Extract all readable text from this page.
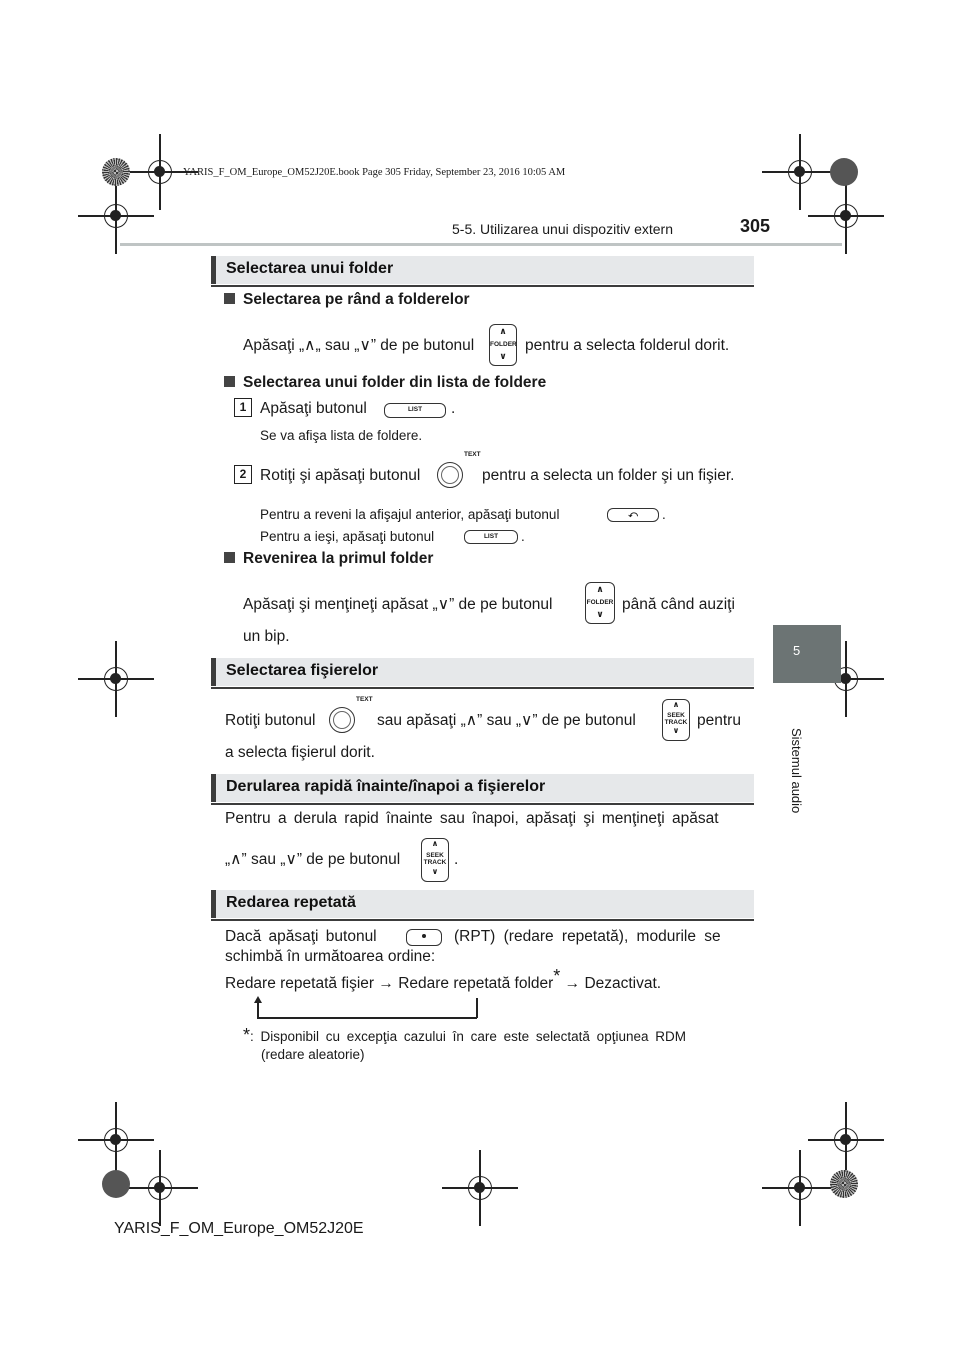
YARIS_F_OM_Europe_OM52J20E.book Page 305 Friday, September 23, 2016 10:05 AM
5-5. Utilizarea unui dispozitiv extern	305
5
Sistemul audio
Selectarea unui folder
Selectarea pe rând a folderelor
Apăsaţi „∧„ sau „∨” de pe butonul
∧
FOLDER
∨
pentru a selecta folderul dorit.
Selectarea unui folder din lista de foldere
1 Apăsaţi butonul	LIST	.
Se va afişa lista de foldere.
2 Rotiţi şi apăsaţi butonul
TEXT
pentru a selecta un folder şi un fişier.
Pentru a reveni la afişajul anterior, apăsaţi butonul	⤺	.
Pentru a ieşi, apăsaţi butonul	LIST	.
Revenirea la primul folder
Apăsaţi şi menţineţi apăsat „∨” de pe butonul
∧
FOLDER
∨
până când auziţi
un bip.
Selectarea fişierelor
Rotiţi butonul
TEXT
sau apăsaţi „∧” sau „∨” de pe butonul
∧
SEEK
TRACK
∨
pentru
a selecta fişierul dorit.
Derularea rapidă înainte/înapoi a fişierelor
Pentru a derula rapid înainte sau înapoi, apăsaţi şi menţineţi apăsat
„∧” sau „∨” de pe butonul
∧
SEEK
TRACK
∨
.
Redarea repetată
Dacă apăsaţi butonul	(RPT) (redare repetată), modurile se
schimbă în următoarea ordine:
Redare repetată fişier → Redare repetată folder* → Dezactivat.
*: Disponibil cu excepţia cazului în care este selectată opţiunea RDM
(redare aleatorie)
YARIS_F_OM_Europe_OM52J20E
